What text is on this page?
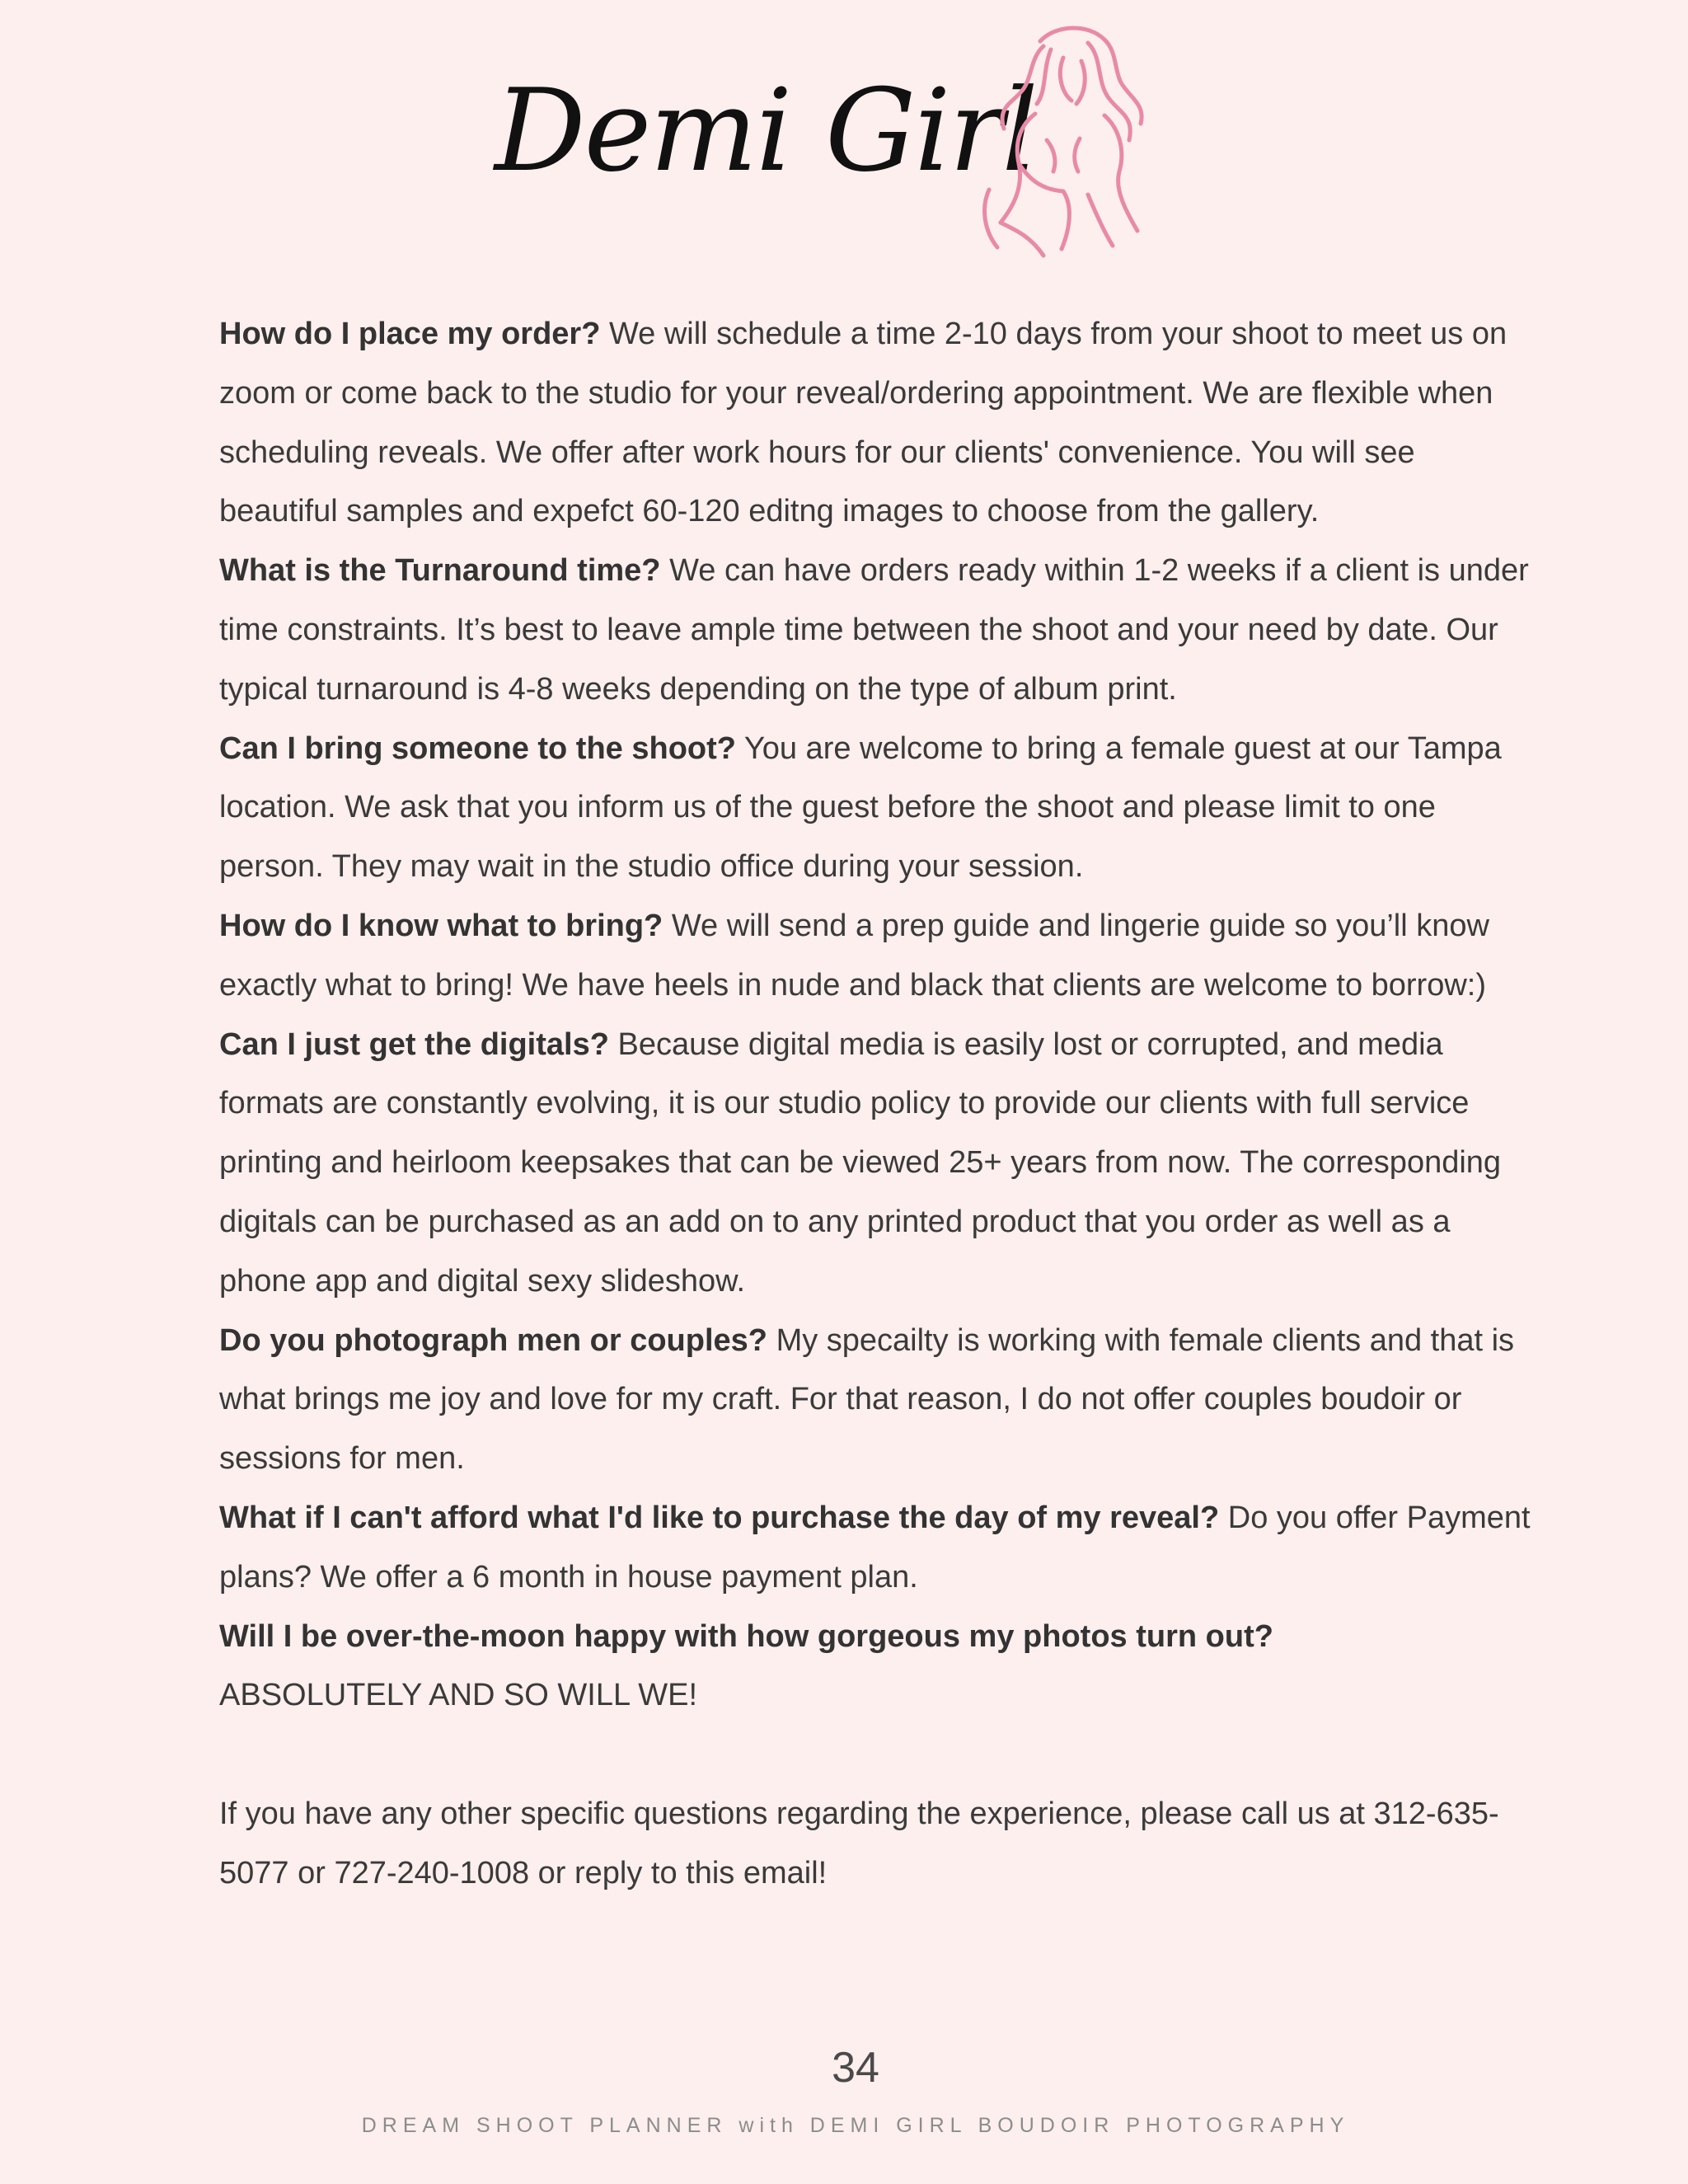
Demi Girl

How do I place my order? We will schedule a time 2-10 days from your shoot to meet us on zoom or come back to the studio for your reveal/ordering appointment. We are flexible when scheduling reveals. We offer after work hours for our clients' convenience. You will see beautiful samples and expefct 60-120 editng images to choose from the gallery.

What is the Turnaround time? We can have orders ready within 1-2 weeks if a client is under time constraints. It’s best to leave ample time between the shoot and your need by date. Our typical turnaround is 4-8 weeks depending on the type of album print.

Can I bring someone to the shoot? You are welcome to bring a female guest at our Tampa location. We ask that you inform us of the guest before the shoot and please limit to one person. They may wait in the studio office during your session.

How do I know what to bring? We will send a prep guide and lingerie guide so you’ll know exactly what to bring! We have heels in nude and black that clients are welcome to borrow:)

Can I just get the digitals? Because digital media is easily lost or corrupted, and media formats are constantly evolving, it is our studio policy to provide our clients with full service printing and heirloom keepsakes that can be viewed 25+ years from now. The corresponding digitals can be purchased as an add on to any printed product that you order as well as a phone app and digital sexy slideshow.

Do you photograph men or couples? My specailty is working with female clients and that is what brings me joy and love for my craft. For that reason, I do not offer couples boudoir or sessions for men.

What if I can't afford what I'd like to purchase the day of my reveal? Do you offer Payment plans? We offer a 6 month in house payment plan.

Will I be over-the-moon happy with how gorgeous my photos turn out?
ABSOLUTELY AND SO WILL WE!

If you have any other specific questions regarding the experience, please call us at 312-635-5077 or 727-240-1008 or reply to this email!

34
DREAM SHOOT PLANNER with DEMI GIRL BOUDOIR PHOTOGRAPHY
